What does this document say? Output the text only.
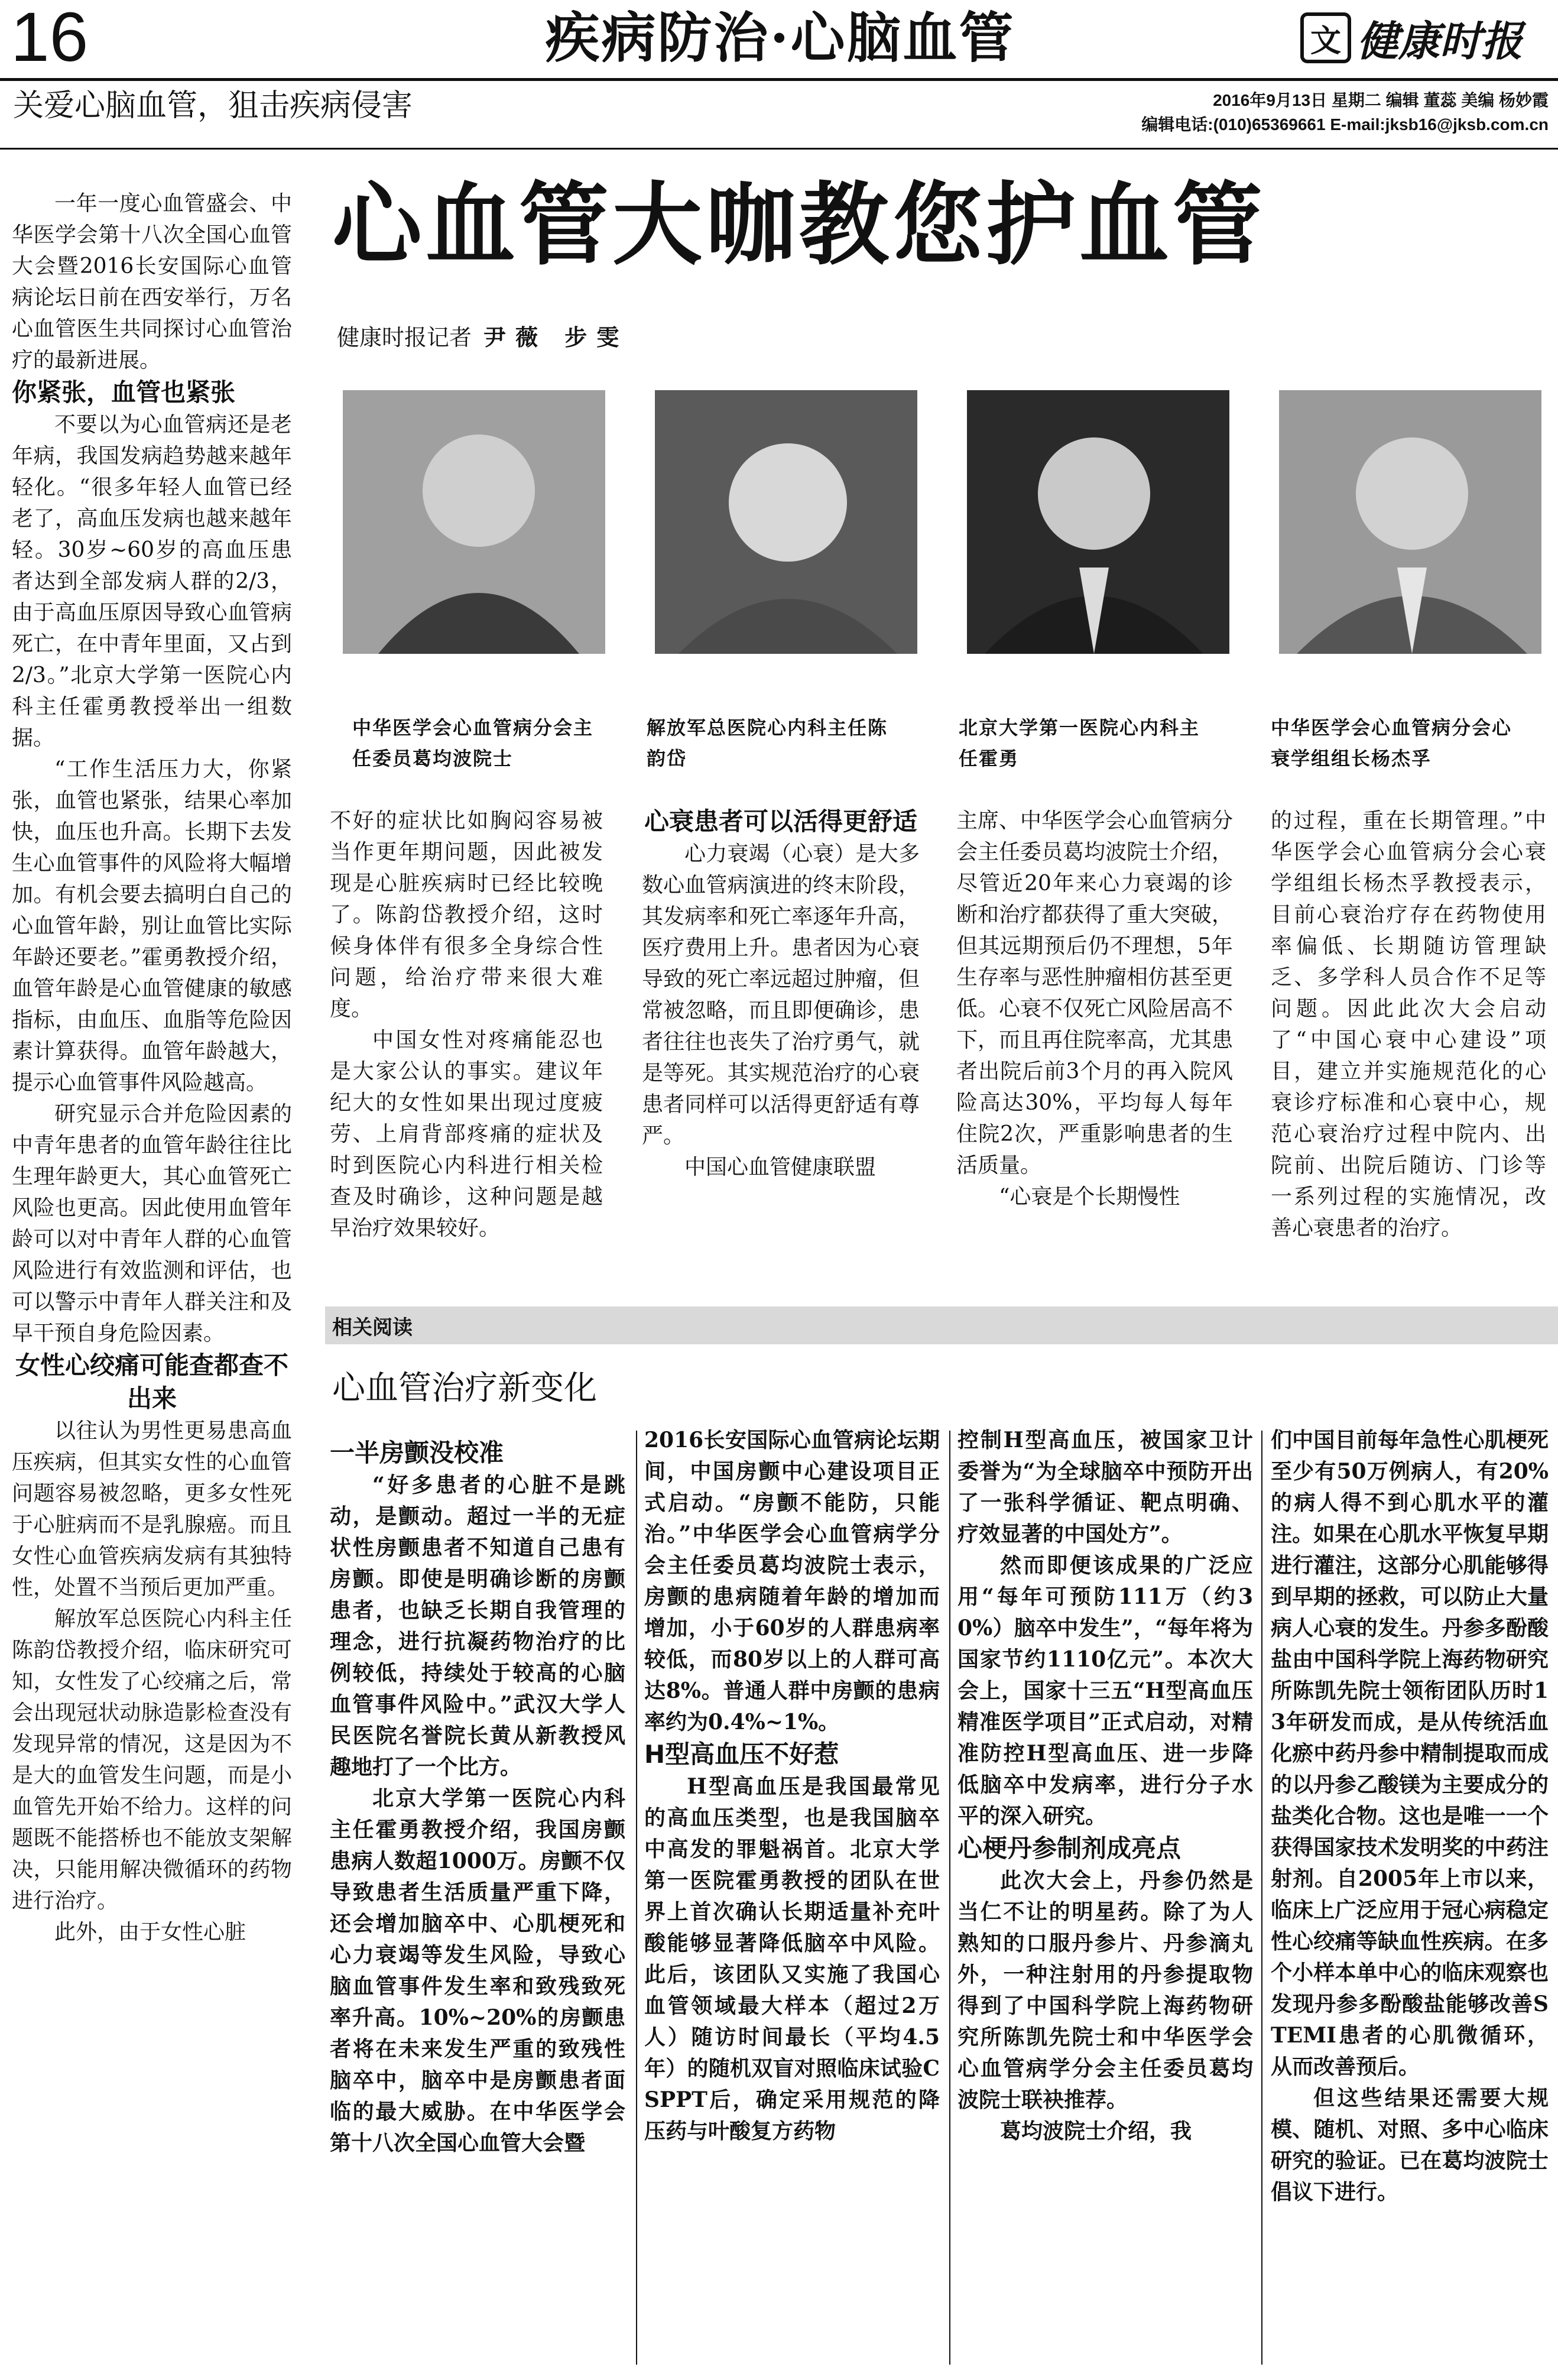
16	疾病防治·心脑血管	文 健康时报
关爱心脑血管，狙击疾病侵害	2016年9月13日 星期二 编辑 董蕊 美编 杨妙霞
编辑电话:(010)65369661 E-mail:jksb16@jksb.com.cn

一年一度心血管盛会、中华医学会第十八次全国心血管大会暨2016长安国际心血管病论坛日前在西安举行，万名心血管医生共同探讨心血管治疗的最新进展。

你紧张，血管也紧张

不要以为心血管病还是老年病，我国发病趋势越来越年轻化。“很多年轻人血管已经老了，高血压发病也越来越年轻。30岁~60岁的高血压患者达到全部发病人群的2/3，由于高血压原因导致心血管病死亡，在中青年里面，又占到2/3。”北京大学第一医院心内科主任霍勇教授举出一组数据。

“工作生活压力大，你紧张，血管也紧张，结果心率加快，血压也升高。长期下去发生心血管事件的风险将大幅增加。有机会要去搞明白自己的心血管年龄，别让血管比实际年龄还要老。”霍勇教授介绍，血管年龄是心血管健康的敏感指标，由血压、血脂等危险因素计算获得。血管年龄越大，提示心血管事件风险越高。

研究显示合并危险因素的中青年患者的血管年龄往往比生理年龄更大，其心血管死亡风险也更高。因此使用血管年龄可以对中青年人群的心血管风险进行有效监测和评估，也可以警示中青年人群关注和及早干预自身危险因素。

女性心绞痛可能查都查不出来

以往认为男性更易患高血压疾病，但其实女性的心血管问题容易被忽略，更多女性死于心脏病而不是乳腺癌。而且女性心血管疾病发病有其独特性，处置不当预后更加严重。

解放军总医院心内科主任陈韵岱教授介绍，临床研究可知，女性发了心绞痛之后，常会出现冠状动脉造影检查没有发现异常的情况，这是因为不是大的血管发生问题，而是小血管先开始不给力。这样的问题既不能搭桥也不能放支架解决，只能用解决微循环的药物进行治疗。

此外，由于女性心脏

心血管大咖教您护血管
健康时报记者 尹薇 步雯
中华医学会心血管病分会主任委员葛均波院士
解放军总医院心内科主任陈韵岱
北京大学第一医院心内科主任霍勇
中华医学会心血管病分会心衰学组组长杨杰孚

不好的症状比如胸闷容易被当作更年期问题，因此被发现是心脏疾病时已经比较晚了。陈韵岱教授介绍，这时候身体伴有很多全身综合性问题，给治疗带来很大难度。

中国女性对疼痛能忍也是大家公认的事实。建议年纪大的女性如果出现过度疲劳、上肩背部疼痛的症状及时到医院心内科进行相关检查及时确诊，这种问题是越早治疗效果较好。

心衰患者可以活得更舒适

心力衰竭（心衰）是大多数心血管病演进的终末阶段，其发病率和死亡率逐年升高，医疗费用上升。患者因为心衰导致的死亡率远超过肿瘤，但常被忽略，而且即便确诊，患者往往也丧失了治疗勇气，就是等死。其实规范治疗的心衰患者同样可以活得更舒适有尊严。

中国心血管健康联盟

主席、中华医学会心血管病分会主任委员葛均波院士介绍，尽管近20年来心力衰竭的诊断和治疗都获得了重大突破，但其远期预后仍不理想，5年生存率与恶性肿瘤相仿甚至更低。心衰不仅死亡风险居高不下，而且再住院率高，尤其患者出院后前3个月的再入院风险高达30%，平均每人每年住院2次，严重影响患者的生活质量。

“心衰是个长期慢性

的过程，重在长期管理。”中华医学会心血管病分会心衰学组组长杨杰孚教授表示，目前心衰治疗存在药物使用率偏低、长期随访管理缺乏、多学科人员合作不足等问题。因此此次大会启动了“中国心衰中心建设”项目，建立并实施规范化的心衰诊疗标准和心衰中心，规范心衰治疗过程中院内、出院前、出院后随访、门诊等一系列过程的实施情况，改善心衰患者的治疗。

相关阅读
心血管治疗新变化

一半房颤没校准

“好多患者的心脏不是跳动，是颤动。超过一半的无症状性房颤患者不知道自己患有房颤。即使是明确诊断的房颤患者，也缺乏长期自我管理的理念，进行抗凝药物治疗的比例较低，持续处于较高的心脑血管事件风险中。”武汉大学人民医院名誉院长黄从新教授风趣地打了一个比方。

北京大学第一医院心内科主任霍勇教授介绍，我国房颤患病人数超1000万。房颤不仅导致患者生活质量严重下降，还会增加脑卒中、心肌梗死和心力衰竭等发生风险，导致心脑血管事件发生率和致残致死率升高。10%~20%的房颤患者将在未来发生严重的致残性脑卒中，脑卒中是房颤患者面临的最大威胁。在中华医学会第十八次全国心血管大会暨

2016长安国际心血管病论坛期间，中国房颤中心建设项目正式启动。“房颤不能防，只能治。”中华医学会心血管病学分会主任委员葛均波院士表示，房颤的患病随着年龄的增加而增加，小于60岁的人群患病率较低，而80岁以上的人群可高达8%。普通人群中房颤的患病率约为0.4%~1%。

H型高血压不好惹

H型高血压是我国最常见的高血压类型，也是我国脑卒中高发的罪魁祸首。北京大学第一医院霍勇教授的团队在世界上首次确认长期适量补充叶酸能够显著降低脑卒中风险。此后，该团队又实施了我国心血管领域最大样本（超过2万人）随访时间最长（平均4.5年）的随机双盲对照临床试验CSPPT后，确定采用规范的降压药与叶酸复方药物

控制H型高血压，被国家卫计委誉为“为全球脑卒中预防开出了一张科学循证、靶点明确、疗效显著的中国处方”。

然而即便该成果的广泛应用“每年可预防111万（约30%）脑卒中发生”，“每年将为国家节约1110亿元”。本次大会上，国家十三五“H型高血压精准医学项目”正式启动，对精准防控H型高血压、进一步降低脑卒中发病率，进行分子水平的深入研究。

心梗丹参制剂成亮点

此次大会上，丹参仍然是当仁不让的明星药。除了为人熟知的口服丹参片、丹参滴丸外，一种注射用的丹参提取物得到了中国科学院上海药物研究所陈凯先院士和中华医学会心血管病学分会主任委员葛均波院士联袂推荐。

葛均波院士介绍，我

们中国目前每年急性心肌梗死至少有50万例病人，有20%的病人得不到心肌水平的灌注。如果在心肌水平恢复早期进行灌注，这部分心肌能够得到早期的拯救，可以防止大量病人心衰的发生。丹参多酚酸盐由中国科学院上海药物研究所陈凯先院士领衔团队历时13年研发而成，是从传统活血化瘀中药丹参中精制提取而成的以丹参乙酸镁为主要成分的盐类化合物。这也是唯一一个获得国家技术发明奖的中药注射剂。自2005年上市以来，临床上广泛应用于冠心病稳定性心绞痛等缺血性疾病。在多个小样本单中心的临床观察也发现丹参多酚酸盐能够改善STEMI患者的心肌微循环，从而改善预后。

但这些结果还需要大规模、随机、对照、多中心临床研究的验证。已在葛均波院士倡议下进行。
